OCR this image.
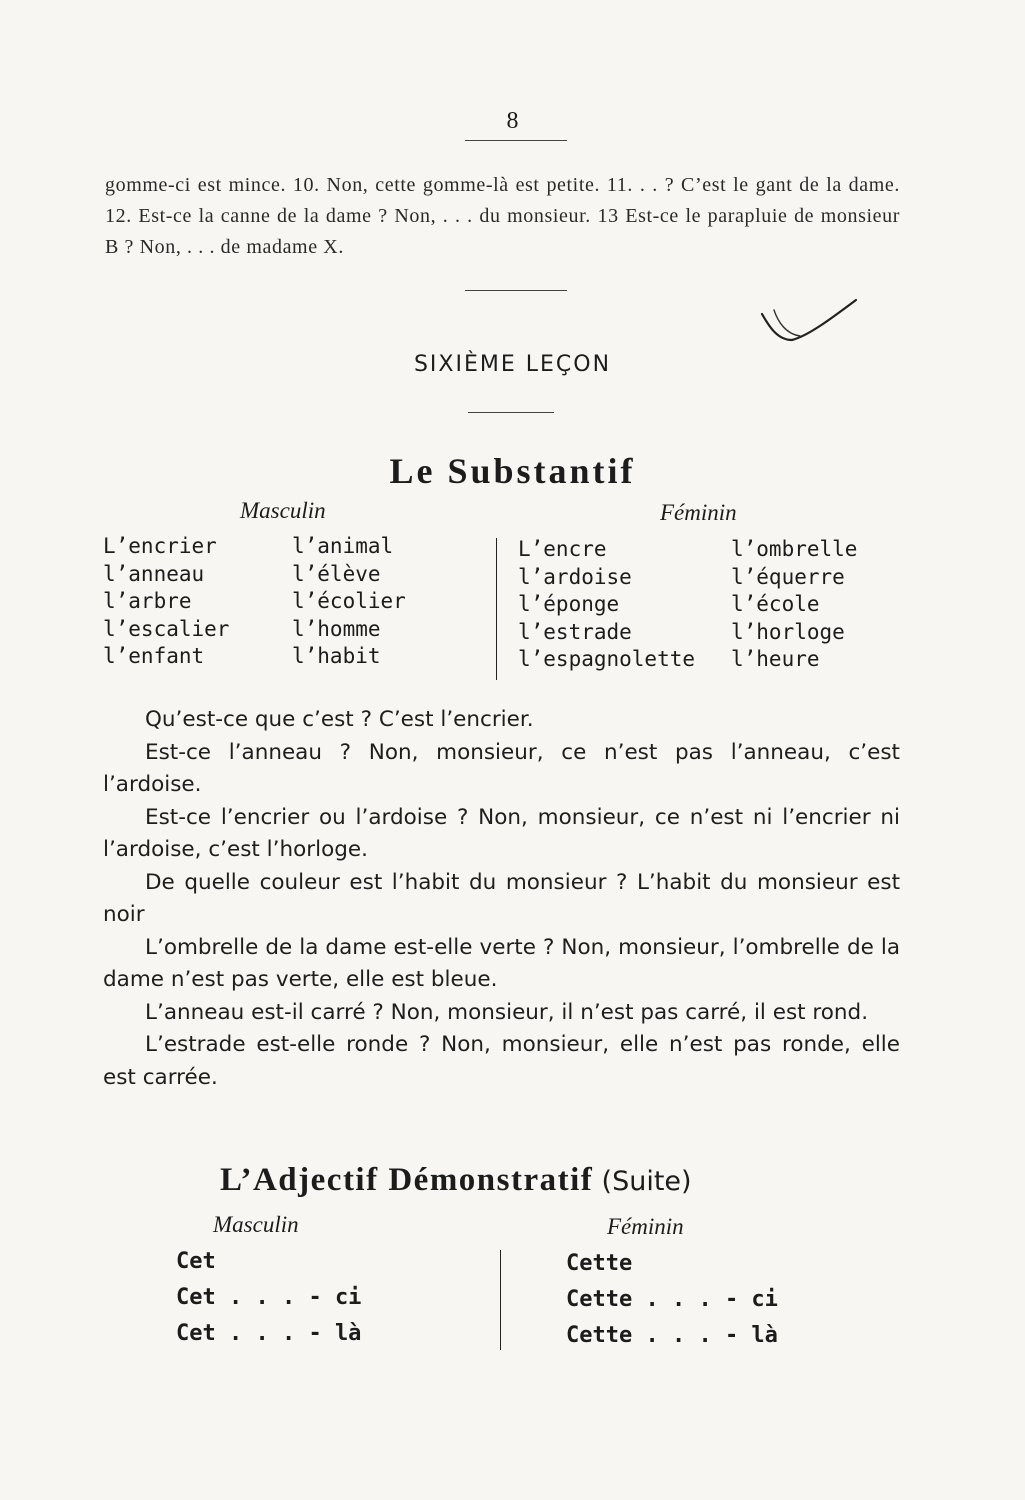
8
gomme-ci est mince. 10. Non, cette gomme-là est petite. 11. . . ? C’est le gant de la dame. 12. Est-ce la canne de la dame ? Non, . . . du monsieur. 13 Est-ce le parapluie de monsieur B ? Non, . . . de madame X.
SIXIÈME LEÇON
Le Substantif
Masculin	Féminin
L’encrier
l’anneau
l’arbre
l’escalier
l’enfant
l’animal
l’élève
l’écolier
l’homme
l’habit
L’encre
l’ardoise
l’éponge
l’estrade
l’espagnolette
l’ombrelle
l’équerre
l’école
l’horloge
l’heure

Qu’est-ce que c’est ? C’est l’encrier.

Est-ce l’anneau ? Non, monsieur, ce n’est pas l’anneau, c’est l’ardoise.

Est-ce l’encrier ou l’ardoise ? Non, monsieur, ce n’est ni l’encrier ni l’ardoise, c’est l’horloge.

De quelle couleur est l’habit du monsieur ? L’habit du monsieur est noir

L’ombrelle de la dame est-elle verte ? Non, monsieur, l’ombrelle de la dame n’est pas verte, elle est bleue.

L’anneau est-il carré ? Non, monsieur, il n’est pas carré, il est rond.

L’estrade est-elle ronde ? Non, monsieur, elle n’est pas ronde, elle est carrée.

L’Adjectif Démonstratif (Suite)
Masculin	Féminin
Cet
Cet . . . - ci
Cet . . . - là
Cette
Cette . . . - ci
Cette . . . - là
